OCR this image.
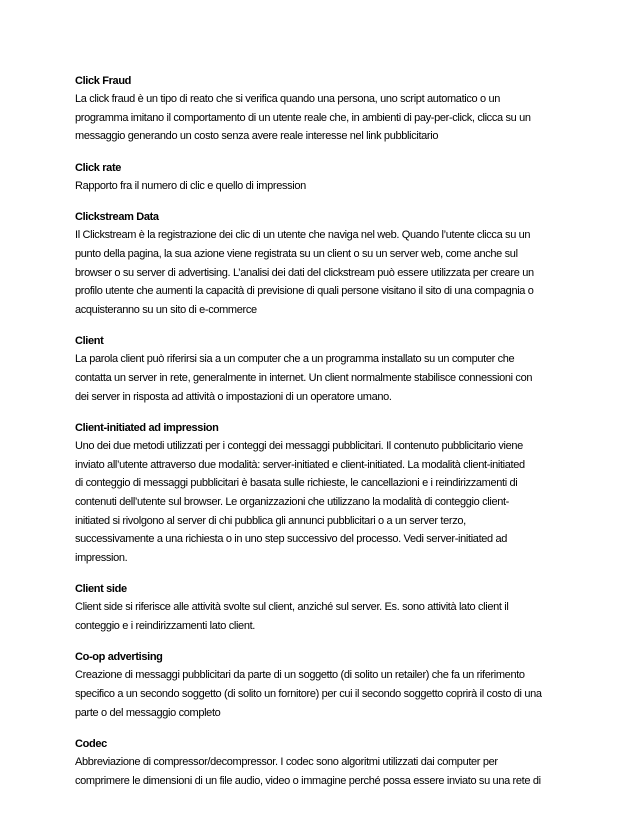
Click Fraud

La click fraud è un tipo di reato che si verifica quando una persona, uno script automatico o un
programma imitano il comportamento di un utente reale che, in ambienti di pay-per-click, clicca su un
messaggio generando un costo senza avere reale interesse nel link pubblicitario

Click rate

Rapporto fra il numero di clic e quello di impression

Clickstream Data

Il Clickstream è la registrazione dei clic di un utente che naviga nel web. Quando l’utente clicca su un
punto della pagina, la sua azione viene registrata su un client o su un server web, come anche sul
browser o su server di advertising. L’analisi dei dati del clickstream può essere utilizzata per creare un
profilo utente che aumenti la capacità di previsione di quali persone visitano il sito di una compagnia o
acquisteranno su un sito di e-commerce

Client

La parola client può riferirsi sia a un computer che a un programma installato su un computer che
contatta un server in rete, generalmente in internet. Un client normalmente stabilisce connessioni con
dei server in risposta ad attività o impostazioni di un operatore umano.

Client-initiated ad impression

Uno dei due metodi utilizzati per i conteggi dei messaggi pubblicitari. Il contenuto pubblicitario viene
inviato all’utente attraverso due modalità: server-initiated e client-initiated. La modalità client-initiated
di conteggio di messaggi pubblicitari è basata sulle richieste, le cancellazioni e i reindirizzamenti di
contenuti dell’utente sul browser. Le organizzazioni che utilizzano la modalità di conteggio client-
initiated si rivolgono al server di chi pubblica gli annunci pubblicitari o a un server terzo,
successivamente a una richiesta o in uno step successivo del processo. Vedi server-initiated ad
impression.

Client side

Client side si riferisce alle attività svolte sul client, anziché sul server. Es. sono attività lato client il
conteggio e i reindirizzamenti lato client.

Co-op advertising

Creazione di messaggi pubblicitari da parte di un soggetto (di solito un retailer) che fa un riferimento
specifico a un secondo soggetto (di solito un fornitore) per cui il secondo soggetto coprirà il costo di una
parte o del messaggio completo

Codec

Abbreviazione di compressor/decompressor. I codec sono algoritmi utilizzati dai computer per
comprimere le dimensioni di un file audio, video o immagine perché possa essere inviato su una rete di
